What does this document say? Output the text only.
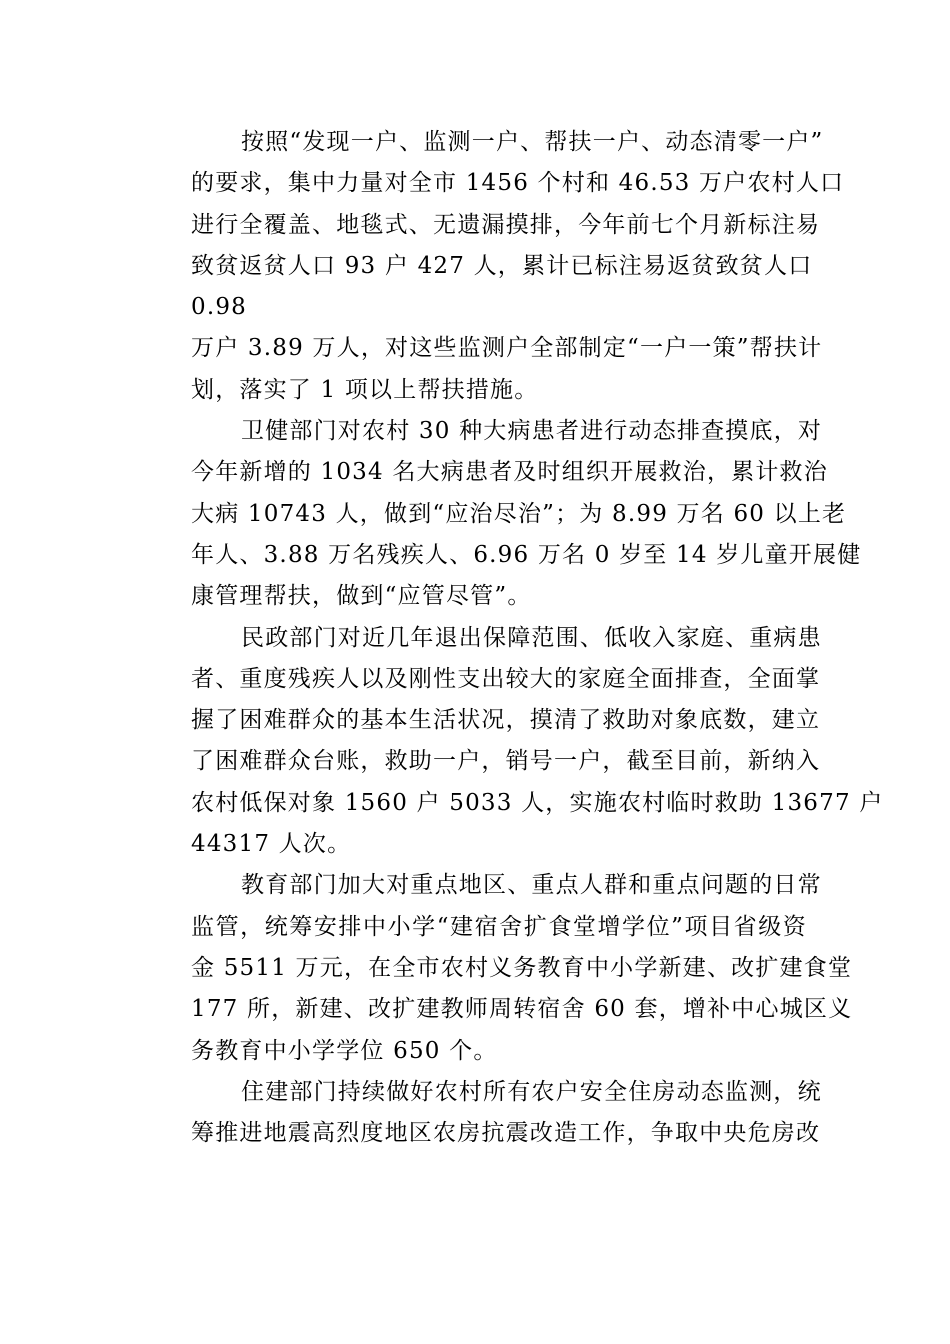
按照“发现一户、监测一户、帮扶一户、动态清零一户”
的要求，集中力量对全市 1456 个村和 46.53 万户农村人口
进行全覆盖、地毯式、无遗漏摸排，今年前七个月新标注易
致贫返贫人口 93 户 427 人，累计已标注易返贫致贫人口
0.98
万户 3.89 万人，对这些监测户全部制定“一户一策”帮扶计
划，落实了 1 项以上帮扶措施。
卫健部门对农村 30 种大病患者进行动态排查摸底，对
今年新增的 1034 名大病患者及时组织开展救治，累计救治
大病 10743 人，做到“应治尽治”；为 8.99 万名 60 以上老
年人、3.88 万名残疾人、6.96 万名 0 岁至 14 岁儿童开展健
康管理帮扶，做到“应管尽管”。
民政部门对近几年退出保障范围、低收入家庭、重病患
者、重度残疾人以及刚性支出较大的家庭全面排查，全面掌
握了困难群众的基本生活状况，摸清了救助对象底数，建立
了困难群众台账，救助一户，销号一户，截至目前，新纳入
农村低保对象 1560 户 5033 人，实施农村临时救助 13677 户
44317 人次。
教育部门加大对重点地区、重点人群和重点问题的日常
监管，统筹安排中小学“建宿舍扩食堂增学位”项目省级资
金 5511 万元，在全市农村义务教育中小学新建、改扩建食堂
177 所，新建、改扩建教师周转宿舍 60 套，增补中心城区义
务教育中小学学位 650 个。
住建部门持续做好农村所有农户安全住房动态监测，统
筹推进地震高烈度地区农房抗震改造工作，争取中央危房改
